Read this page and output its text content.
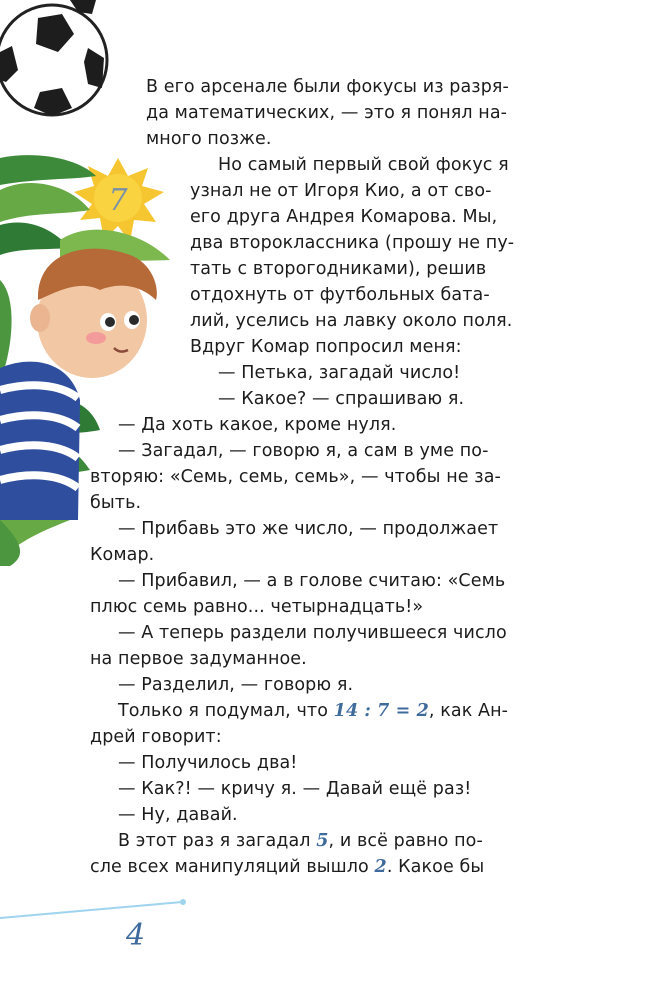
7
В его арсенале были фокусы из разря-
да математических, — это я понял на-
много позже.
Но самый первый свой фокус я
узнал не от Игоря Кио, а от сво-
его друга Андрея Комарова. Мы,
два второклассника (прошу не пу-
тать с второгодниками), решив
отдохнуть от футбольных бата-
лий, уселись на лавку около поля.
Вдруг Комар попросил меня:
— Петька, загадай число!
— Какое? — спрашиваю я.
— Да хоть какое, кроме нуля.
— Загадал, — говорю я, а сам в уме по-
вторяю: «Семь, семь, семь», — чтобы не за-
быть.
— Прибавь это же число, — продолжает
Комар.
— Прибавил, — а в голове считаю: «Семь
плюс семь равно... четырнадцать!»
— А теперь раздели получившееся число
на первое задуманное.
— Разделил, — говорю я.
Только я подумал, что 14 : 7 = 2, как Ан-
дрей говорит:
— Получилось два!
— Как?! — кричу я. — Давай ещё раз!
— Ну, давай.
В этот раз я загадал 5, и всё равно по-
сле всех манипуляций вышло 2. Какое бы
4
